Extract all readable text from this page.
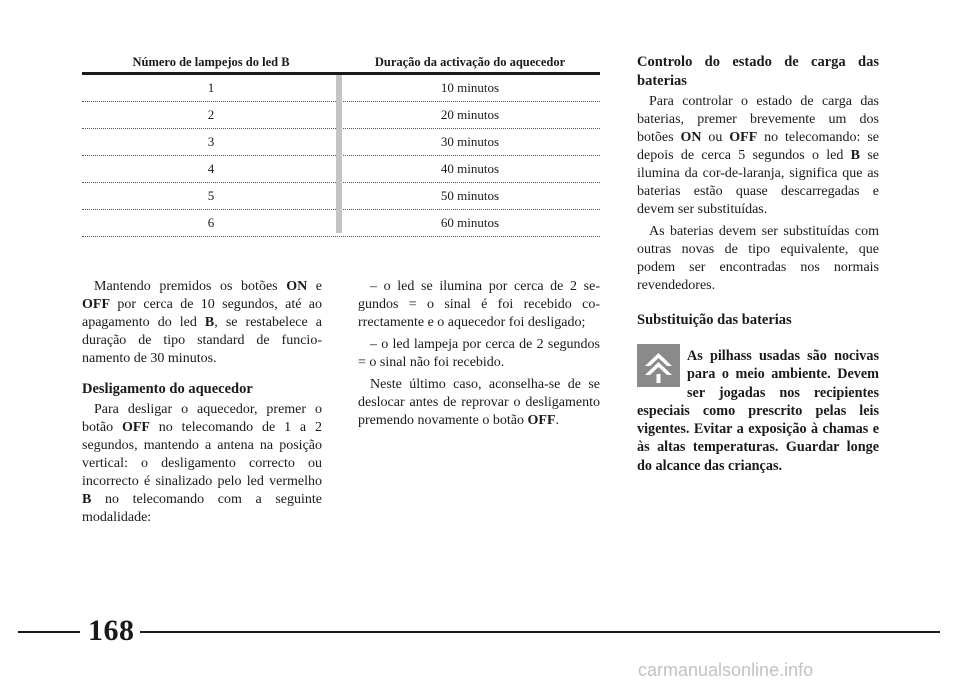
Número de lampejos do led B	Duração da activação do aquecedor
1	10 minutos
2	20 minutos
3	30 minutos
4	40 minutos
5	50 minutos
6	60 minutos

Mantendo premidos os botões ON e OFF por cerca de 10 segundos, até ao apagamento do led B, se restabelece a duração de tipo standard de funcionamento de 30 minutos.

Desligamento do aquecedor

Para desligar o aquecedor, premer o botão OFF no telecomando de 1 a 2 segundos, mantendo a antena na posição vertical: o desligamento correcto ou incorrecto é sinalizado pelo led vermelho B no telecomando com a seguinte modalidade:

– o led se ilumina por cerca de 2 segundos = o sinal é foi recebido correctamente e o aquecedor foi desligado;

– o led lampeja por cerca de 2 segundos = o sinal não foi recebido.

Neste último caso, aconselha-se de se deslocar antes de reprovar o desligamento premendo novamente o botão OFF.

Controlo do estado de carga das baterias

Para controlar o estado de carga das baterias, premer brevemente um dos botões ON ou OFF no telecomando: se depois de cerca 5 segundos o led B se ilumina da cor-de-laranja, significa que as baterias estão quase descarregadas e devem ser substituídas.

As baterias devem ser substituídas com outras novas de tipo equivalente, que podem ser encontradas nos normais revendedores.

Substituição das baterias
As pilhass usadas são nocivas para o meio ambiente. Devem ser jogadas nos recipientes especiais como prescrito pelas leis vigentes. Evitar a exposição à chamas e às altas temperaturas. Guardar longe do alcance das crianças.
168
carmanualsonline.info
